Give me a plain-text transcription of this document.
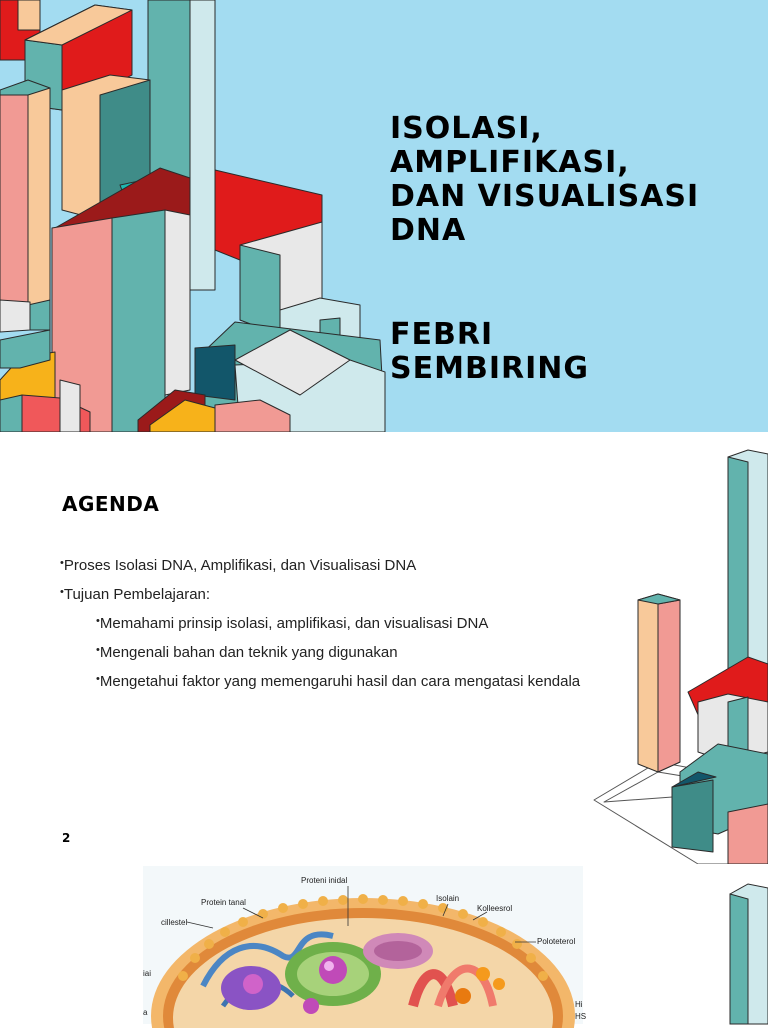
ISOLASI,
AMPLIFIKASI,
DAN VISUALISASI
DNA
FEBRI
SEMBIRING
AGENDA
•Proses Isolasi DNA, Amplifikasi, dan Visualisasi DNA
•Tujuan Pembelajaran:
•Memahami prinsip isolasi, amplifikasi, dan visualisasi DNA
•Mengenali bahan dan teknik yang digunakan
•Mengetahui faktor yang memengaruhi hasil dan cara mengatasi kendala
2
Proteni inidal
Protein tanal
cillestel
Isolain
Kolleesrol
Poloteterol
iai
a
Hi
HS
